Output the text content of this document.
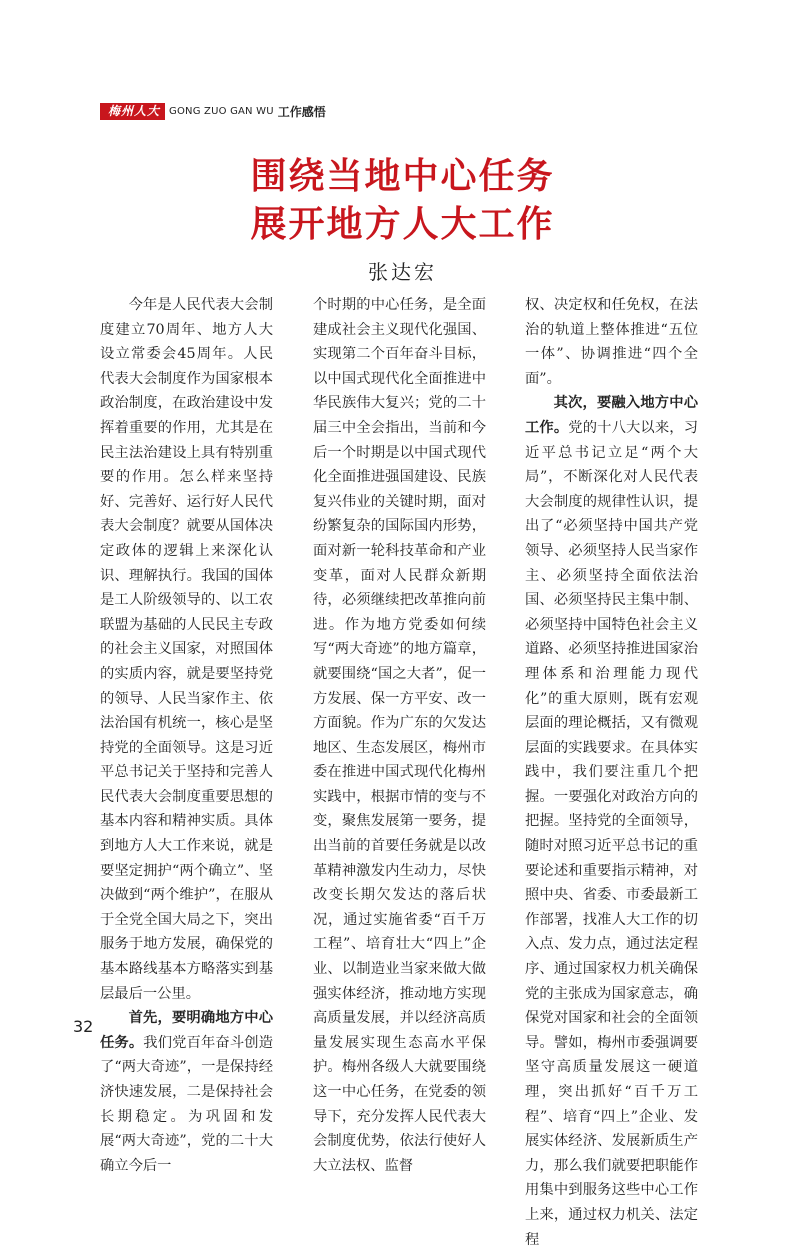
梅州人大 GONG ZUO GAN WU 工作感悟
围绕当地中心任务
展开地方人大工作
张达宏

今年是人民代表大会制度建立70周年、地方人大设立常委会45周年。人民代表大会制度作为国家根本政治制度，在政治建设中发挥着重要的作用，尤其是在民主法治建设上具有特别重要的作用。怎么样来坚持好、完善好、运行好人民代表大会制度？就要从国体决定政体的逻辑上来深化认识、理解执行。我国的国体是工人阶级领导的、以工农联盟为基础的人民民主专政的社会主义国家，对照国体的实质内容，就是要坚持党的领导、人民当家作主、依法治国有机统一，核心是坚持党的全面领导。这是习近平总书记关于坚持和完善人民代表大会制度重要思想的基本内容和精神实质。具体到地方人大工作来说，就是要坚定拥护“两个确立”、坚决做到“两个维护”，在服从于全党全国大局之下，突出服务于地方发展，确保党的基本路线基本方略落实到基层最后一公里。

首先，要明确地方中心任务。我们党百年奋斗创造了“两大奇迹”，一是保持经济快速发展，二是保持社会长期稳定。为巩固和发展“两大奇迹”，党的二十大确立今后一

个时期的中心任务，是全面建成社会主义现代化强国、实现第二个百年奋斗目标，以中国式现代化全面推进中华民族伟大复兴；党的二十届三中全会指出，当前和今后一个时期是以中国式现代化全面推进强国建设、民族复兴伟业的关键时期，面对纷繁复杂的国际国内形势，面对新一轮科技革命和产业变革，面对人民群众新期待，必须继续把改革推向前进。作为地方党委如何续写“两大奇迹”的地方篇章，就要围绕“国之大者”，促一方发展、保一方平安、改一方面貌。作为广东的欠发达地区、生态发展区，梅州市委在推进中国式现代化梅州实践中，根据市情的变与不变，聚焦发展第一要务，提出当前的首要任务就是以改革精神激发内生动力，尽快改变长期欠发达的落后状况，通过实施省委“百千万工程”、培育壮大“四上”企业、以制造业当家来做大做强实体经济，推动地方实现高质量发展，并以经济高质量发展实现生态高水平保护。梅州各级人大就要围绕这一中心任务，在党委的领导下，充分发挥人民代表大会制度优势，依法行使好人大立法权、监督

权、决定权和任免权，在法治的轨道上整体推进“五位一体”、协调推进“四个全面”。

其次，要融入地方中心工作。党的十八大以来，习近平总书记立足“两个大局”，不断深化对人民代表大会制度的规律性认识，提出了“必须坚持中国共产党领导、必须坚持人民当家作主、必须坚持全面依法治国、必须坚持民主集中制、必须坚持中国特色社会主义道路、必须坚持推进国家治理体系和治理能力现代化”的重大原则，既有宏观层面的理论概括，又有微观层面的实践要求。在具体实践中，我们要注重几个把握。一要强化对政治方向的把握。坚持党的全面领导，随时对照习近平总书记的重要论述和重要指示精神，对照中央、省委、市委最新工作部署，找准人大工作的切入点、发力点，通过法定程序、通过国家权力机关确保党的主张成为国家意志，确保党对国家和社会的全面领导。譬如，梅州市委强调要坚守高质量发展这一硬道理，突出抓好“百千万工程”、培育“四上”企业、发展实体经济、发展新质生产力，那么我们就要把职能作用集中到服务这些中心工作上来，通过权力机关、法定程

32
